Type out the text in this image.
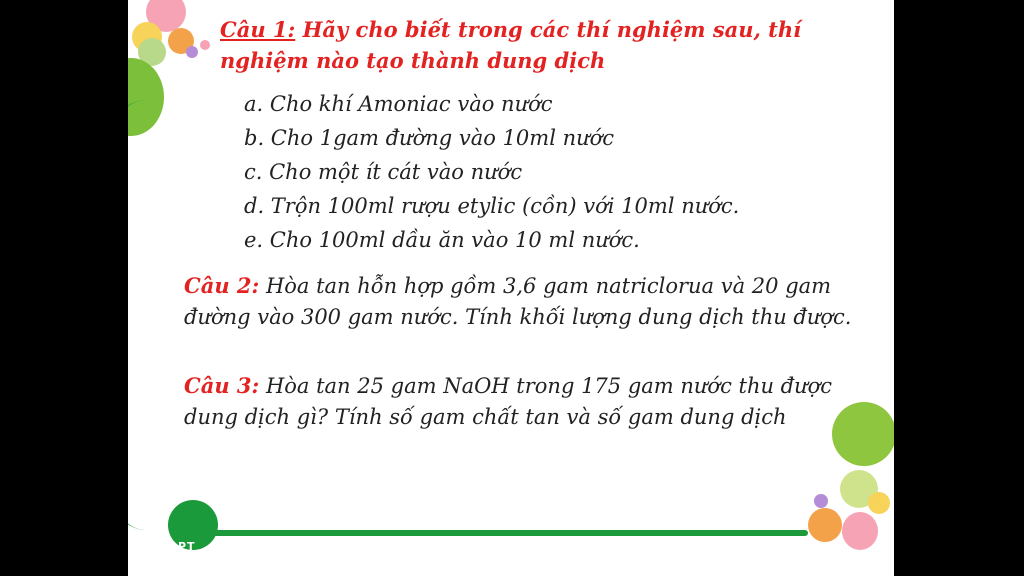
PT
Câu 1: Hãy cho biết trong các thí nghiệm sau, thí nghiệm nào tạo thành dung dịch
a. Cho khí Amoniac vào nước
b. Cho 1gam đường vào 10ml nước
c. Cho một ít cát vào nước
d. Trộn 100ml rượu etylic (cồn) với 10ml nước.
e. Cho 100ml dầu ăn vào 10 ml nước.
Câu 2: Hòa tan hỗn hợp gồm 3,6 gam natriclorua và 20 gam đường vào 300 gam nước. Tính khối lượng dung dịch thu được.
Câu 3: Hòa tan 25 gam NaOH trong 175 gam nước thu được dung dịch gì? Tính số gam chất tan và số gam dung dịch
